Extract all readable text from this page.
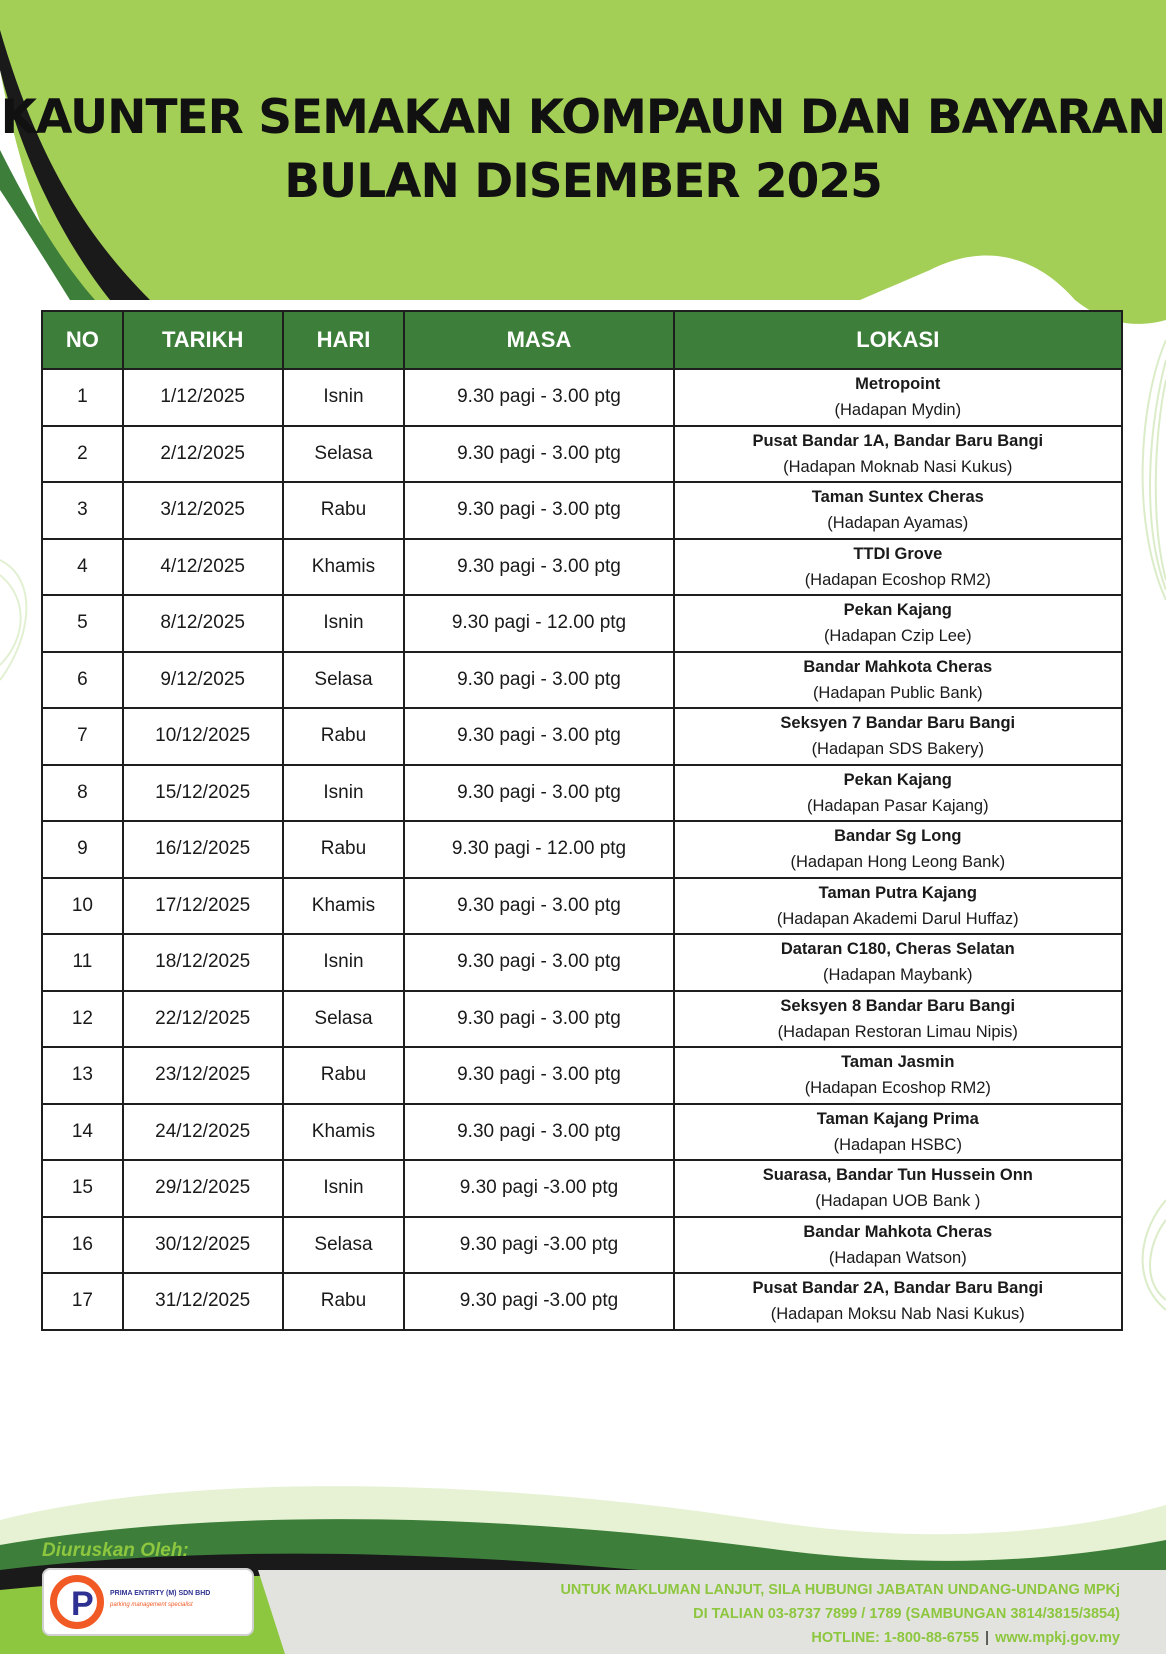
KAUNTER SEMAKAN KOMPAUN DAN BAYARAN
BULAN DISEMBER 2025
NO	TARIKH	HARI	MASA	LOKASI
1	1/12/2025	Isnin	9.30 pagi - 3.00 ptg	Metropoint
(Hadapan Mydin)

2	2/12/2025	Selasa	9.30 pagi - 3.00 ptg	Pusat Bandar 1A, Bandar Baru Bangi
(Hadapan Moknab Nasi Kukus)

3	3/12/2025	Rabu	9.30 pagi - 3.00 ptg	Taman Suntex Cheras
(Hadapan Ayamas)

4	4/12/2025	Khamis	9.30 pagi - 3.00 ptg	TTDI Grove
(Hadapan Ecoshop RM2)

5	8/12/2025	Isnin	9.30 pagi - 12.00 ptg	Pekan Kajang
(Hadapan Czip Lee)

6	9/12/2025	Selasa	9.30 pagi - 3.00 ptg	Bandar Mahkota Cheras
(Hadapan Public Bank)

7	10/12/2025	Rabu	9.30 pagi - 3.00 ptg	Seksyen 7 Bandar Baru Bangi
(Hadapan SDS Bakery)

8	15/12/2025	Isnin	9.30 pagi - 3.00 ptg	Pekan Kajang
(Hadapan Pasar Kajang)

9	16/12/2025	Rabu	9.30 pagi - 12.00 ptg	Bandar Sg Long
(Hadapan Hong Leong Bank)

10	17/12/2025	Khamis	9.30 pagi - 3.00 ptg	Taman Putra Kajang
(Hadapan Akademi Darul Huffaz)

11	18/12/2025	Isnin	9.30 pagi - 3.00 ptg	Dataran C180, Cheras Selatan
(Hadapan Maybank)

12	22/12/2025	Selasa	9.30 pagi - 3.00 ptg	Seksyen 8 Bandar Baru Bangi
(Hadapan Restoran Limau Nipis)

13	23/12/2025	Rabu	9.30 pagi - 3.00 ptg	Taman Jasmin
(Hadapan Ecoshop RM2)

14	24/12/2025	Khamis	9.30 pagi - 3.00 ptg	Taman Kajang Prima
(Hadapan HSBC)

15	29/12/2025	Isnin	9.30 pagi -3.00 ptg	Suarasa, Bandar Tun Hussein Onn
(Hadapan UOB Bank )

16	30/12/2025	Selasa	9.30 pagi -3.00 ptg	Bandar Mahkota Cheras
(Hadapan Watson)

17	31/12/2025	Rabu	9.30 pagi -3.00 ptg	Pusat Bandar 2A, Bandar Baru Bangi
(Hadapan Moksu Nab Nasi Kukus)
Diuruskan Oleh:
P PRIMA ENTIRTY (M) SDN BHD
parking management specialist
UNTUK MAKLUMAN LANJUT, SILA HUBUNGI JABATAN UNDANG-UNDANG MPKj
DI TALIAN 03-8737 7899 / 1789 (SAMBUNGAN 3814/3815/3854)
HOTLINE: 1-800-88-6755 | www.mpkj.gov.my
